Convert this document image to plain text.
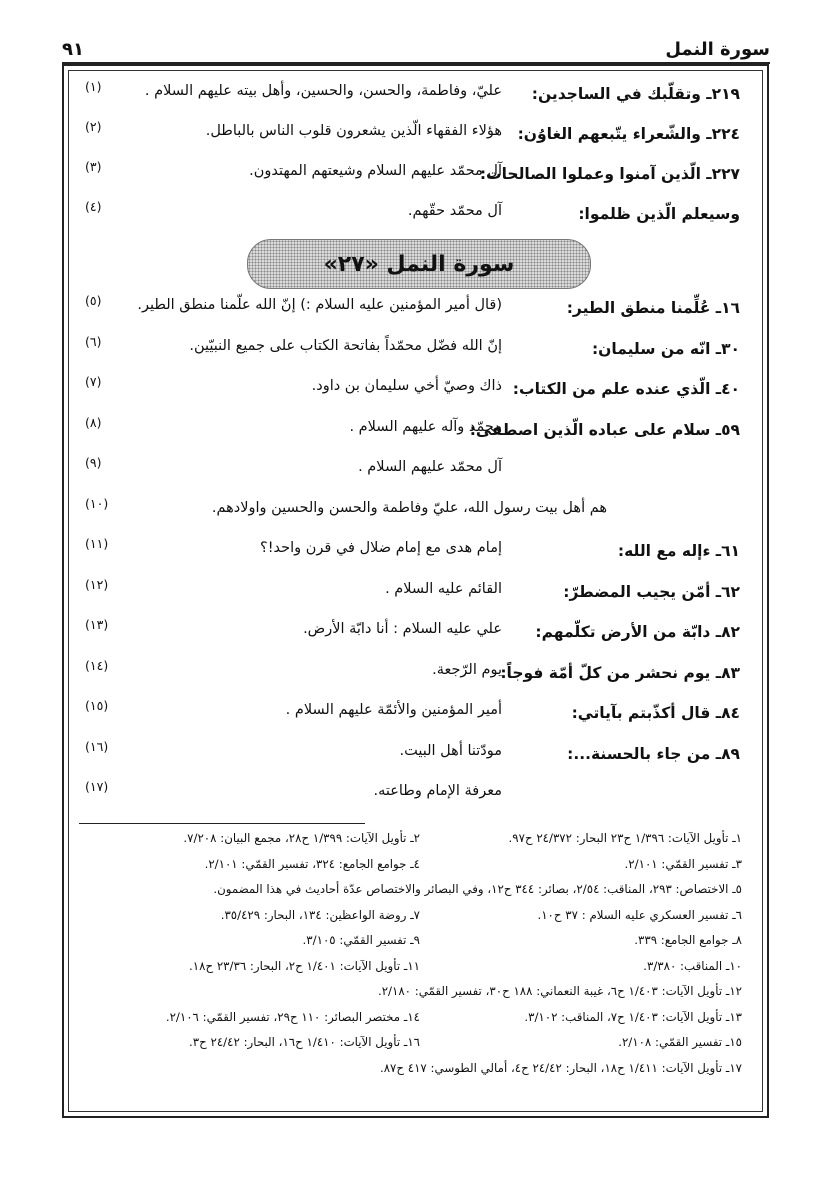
٩١	سورة النمل
٢١٩ـ وتقلّبك في الساجدين:
عليّ، وفاطمة، والحسن، والحسين، وأهل بيته عليهم السلام .
(١)
٢٢٤ـ والشّعراء يتّبعهم الغاوُن:
هؤلاء الفقهاء الّذين يشعرون قلوب الناس بالباطل.
(٢)
٢٢٧ـ الّذين آمنوا وعملوا الصالحات:
آل محمّد عليهم السلام وشيعتهم المهتدون.
(٣)
وسيعلم الّذين ظلموا:
آل محمّد حقّهم.
(٤)
سورة النمل «٢٧»
١٦ـ عُلِّمنا منطق الطير:
(قال أمير المؤمنين عليه السلام :) إنّ الله علّمنا منطق الطير.
(٥)
٣٠ـ انّه من سليمان:
إنّ الله فضّل محمّداً بفاتحة الكتاب على جميع النبيّين.
(٦)
٤٠ـ الّذي عنده علم من الكتاب:
ذاك وصيّ أخي سليمان بن داود.
(٧)
٥٩ـ سلام على عباده الّذين اصطفى:
محمّد وآله عليهم السلام .
(٨)
آل محمّد عليهم السلام .
(٩)
هم أهل بيت رسول الله، عليّ وفاطمة والحسن والحسين واولادهم.
(١٠)
٦١ـ ءإله مع الله:
إمام هدى مع إمام ضلال في قرن واحد!؟
(١١)
٦٢ـ أمّن يجيب المضطرّ:
القائم عليه السلام .
(١٢)
٨٢ـ دابّة من الأرض تكلّمهم:
علي عليه السلام : أنا دابّة الأرض.
(١٣)
٨٣ـ يوم نحشر من كلّ أمّة فوجاً:
يوم الرّجعة.
(١٤)
٨٤ـ قال أكذّبتم بآياتي:
أمير المؤمنين والأئمّة عليهم السلام .
(١٥)
٨٩ـ من جاء بالحسنة...:
مودّتنا أهل البيت.
(١٦)
معرفة الإمام وطاعته.
(١٧)
١ـ تأويل الآيات: ١/٣٩٦ ح٢٣ البحار: ٢٤/٣٧٢ ح٩٧.
٢ـ تأويل الآيات: ١/٣٩٩ ح٢٨، مجمع البيان: ٧/٢٠٨.
٣ـ تفسير القمّي: ٢/١٠١.
٤ـ جوامع الجامع: ٣٢٤، تفسير القمّي: ٢/١٠١.
٥ـ الاختصاص: ٢٩٣، المناقب: ٢/٥٤، بصائر: ٣٤٤ ح١٢، وفي البصائر والاختصاص عدّة أحاديث في هذا المضمون.
٦ـ تفسير العسكري عليه السلام : ٣٧ ح١٠.
٧ـ روضة الواعظين: ١٣٤، البحار: ٣٥/٤٢٩.
٨ـ جوامع الجامع: ٣٣٩.
٩ـ تفسير القمّي: ٣/١٠٥.
١٠ـ المناقب: ٣/٣٨٠.
١١ـ تأويل الآيات: ١/٤٠١ ح٢، البحار: ٢٣/٣٦ ح١٨.
١٢ـ تأويل الآيات: ١/٤٠٣ ح٦، غيبة النعماني: ١٨٨ ح٣٠، تفسير القمّي: ٢/١٨٠.
١٣ـ تأويل الآيات: ١/٤٠٣ ح٧، المناقب: ٣/١٠٢.
١٤ـ مختصر البصائر: ١١٠ ح٢٩، تفسير القمّي: ٢/١٠٦.
١٥ـ تفسير القمّي: ٢/١٠٨.
١٦ـ تأويل الآيات: ١/٤١٠ ح١٦، البحار: ٢٤/٤٢ ح٣.
١٧ـ تأويل الآيات: ١/٤١١ ح١٨، البحار: ٢٤/٤٢ ح٤، أمالي الطوسي: ٤١٧ ح٨٧.
